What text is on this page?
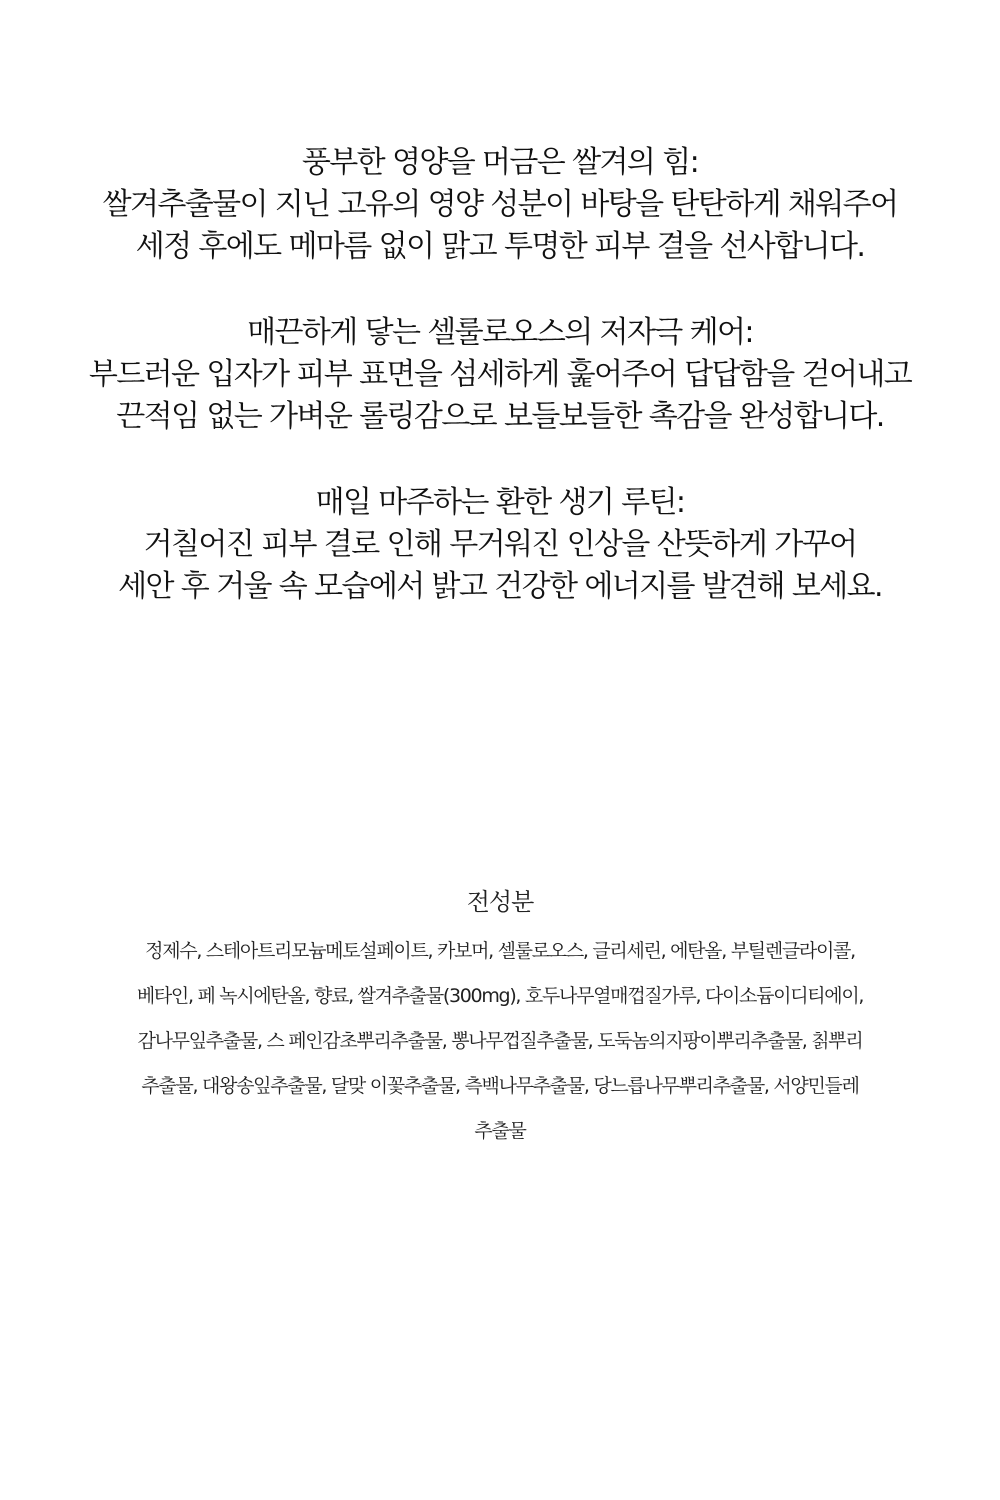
풍부한 영양을 머금은 쌀겨의 힘:
쌀겨추출물이 지닌 고유의 영양 성분이 바탕을 탄탄하게 채워주어
세정 후에도 메마름 없이 맑고 투명한 피부 결을 선사합니다.
매끈하게 닿는 셀룰로오스의 저자극 케어:
부드러운 입자가 피부 표면을 섬세하게 훑어주어 답답함을 걷어내고
끈적임 없는 가벼운 롤링감으로 보들보들한 촉감을 완성합니다.
매일 마주하는 환한 생기 루틴:
거칠어진 피부 결로 인해 무거워진 인상을 산뜻하게 가꾸어
세안 후 거울 속 모습에서 밝고 건강한 에너지를 발견해 보세요.
전성분
정제수, 스테아트리모늄메토설페이트, 카보머, 셀룰로오스, 글리세린, 에탄올, 부틸렌글라이콜,
베타인, 페 녹시에탄올, 향료, 쌀겨추출물(300mg), 호두나무열매껍질가루, 다이소듐이디티에이,
감나무잎추출물, 스 페인감초뿌리추출물, 뽕나무껍질추출물, 도둑놈의지팡이뿌리추출물, 칡뿌리
추출물, 대왕송잎추출물, 달맞 이꽃추출물, 측백나무추출물, 당느릅나무뿌리추출물, 서양민들레
추출물
